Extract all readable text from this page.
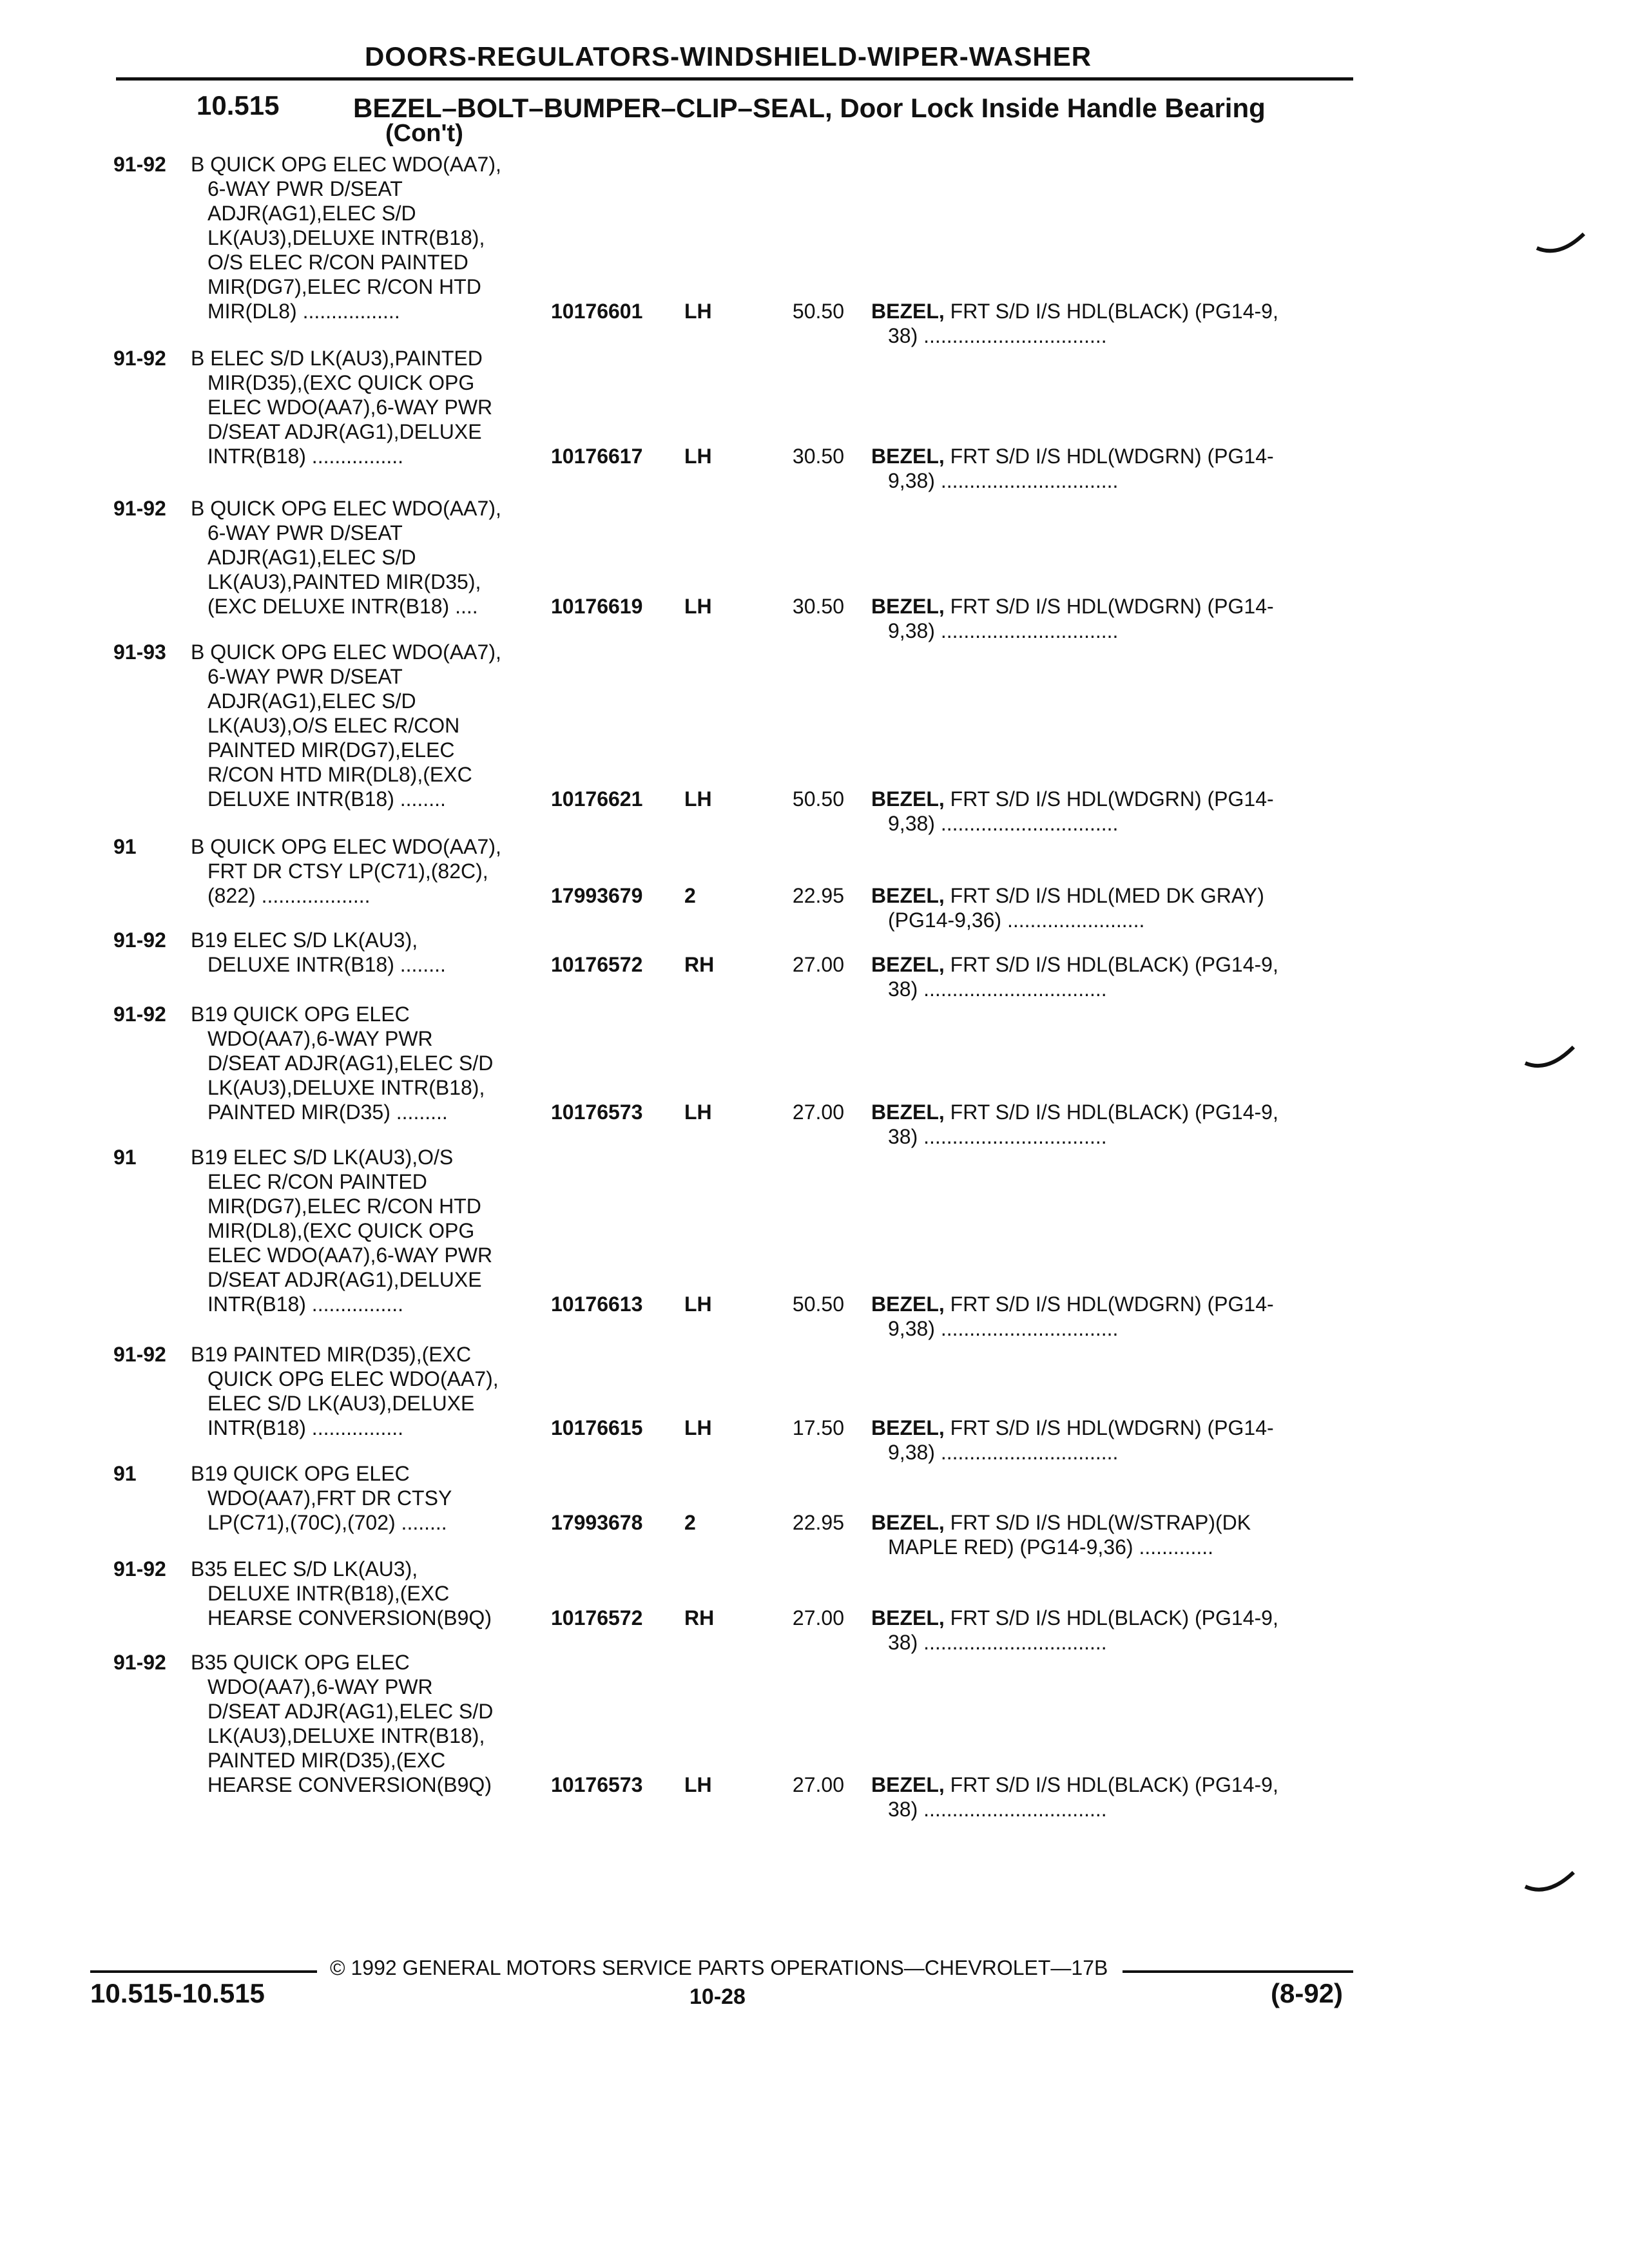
DOORS-REGULATORS-WINDSHIELD-WIPER-WASHER
10.515	BEZEL–BOLT–BUMPER–CLIP–SEAL, Door Lock Inside Handle Bearing
(Con't)
91-92 B QUICK OPG ELEC WDO(AA7),
6-WAY PWR D/SEAT
ADJR(AG1),ELEC S/D
LK(AU3),DELUXE INTR(B18),
O/S ELEC R/CON PAINTED
MIR(DG7),ELEC R/CON HTD
MIR(DL8) .................	10176601 LH	50.50 BEZEL, FRT S/D I/S HDL(BLACK) (PG14-9,
38) ................................
91-92 B ELEC S/D LK(AU3),PAINTED
MIR(D35),(EXC QUICK OPG
ELEC WDO(AA7),6-WAY PWR
D/SEAT ADJR(AG1),DELUXE
INTR(B18) ................	10176617 LH	30.50 BEZEL, FRT S/D I/S HDL(WDGRN) (PG14-
9,38) ...............................
91-92 B QUICK OPG ELEC WDO(AA7),
6-WAY PWR D/SEAT
ADJR(AG1),ELEC S/D
LK(AU3),PAINTED MIR(D35),
(EXC DELUXE INTR(B18) ....	10176619 LH	30.50 BEZEL, FRT S/D I/S HDL(WDGRN) (PG14-
9,38) ...............................
91-93 B QUICK OPG ELEC WDO(AA7),
6-WAY PWR D/SEAT
ADJR(AG1),ELEC S/D
LK(AU3),O/S ELEC R/CON
PAINTED MIR(DG7),ELEC
R/CON HTD MIR(DL8),(EXC
DELUXE INTR(B18) ........	10176621 LH	50.50 BEZEL, FRT S/D I/S HDL(WDGRN) (PG14-
9,38) ...............................
91	B QUICK OPG ELEC WDO(AA7),
FRT DR CTSY LP(C71),(82C),
(822) ...................	17993679 2	22.95 BEZEL, FRT S/D I/S HDL(MED DK GRAY)
(PG14-9,36) ........................
91-92 B19 ELEC S/D LK(AU3),
DELUXE INTR(B18) ........	10176572 RH	27.00 BEZEL, FRT S/D I/S HDL(BLACK) (PG14-9,
38) ................................
91-92 B19 QUICK OPG ELEC
WDO(AA7),6-WAY PWR
D/SEAT ADJR(AG1),ELEC S/D
LK(AU3),DELUXE INTR(B18),
PAINTED MIR(D35) .........	10176573 LH	27.00 BEZEL, FRT S/D I/S HDL(BLACK) (PG14-9,
38) ................................
91	B19 ELEC S/D LK(AU3),O/S
ELEC R/CON PAINTED
MIR(DG7),ELEC R/CON HTD
MIR(DL8),(EXC QUICK OPG
ELEC WDO(AA7),6-WAY PWR
D/SEAT ADJR(AG1),DELUXE
INTR(B18) ................	10176613 LH	50.50 BEZEL, FRT S/D I/S HDL(WDGRN) (PG14-
9,38) ...............................
91-92 B19 PAINTED MIR(D35),(EXC
QUICK OPG ELEC WDO(AA7),
ELEC S/D LK(AU3),DELUXE
INTR(B18) ................	10176615 LH	17.50 BEZEL, FRT S/D I/S HDL(WDGRN) (PG14-
9,38) ...............................
91	B19 QUICK OPG ELEC
WDO(AA7),FRT DR CTSY
LP(C71),(70C),(702) ........	17993678 2	22.95 BEZEL, FRT S/D I/S HDL(W/STRAP)(DK
MAPLE RED) (PG14-9,36) .............
91-92 B35 ELEC S/D LK(AU3),
DELUXE INTR(B18),(EXC
HEARSE CONVERSION(B9Q)	10176572 RH	27.00 BEZEL, FRT S/D I/S HDL(BLACK) (PG14-9,
38) ................................
91-92 B35 QUICK OPG ELEC
WDO(AA7),6-WAY PWR
D/SEAT ADJR(AG1),ELEC S/D
LK(AU3),DELUXE INTR(B18),
PAINTED MIR(D35),(EXC
HEARSE CONVERSION(B9Q)	10176573 LH	27.00 BEZEL, FRT S/D I/S HDL(BLACK) (PG14-9,
38) ................................
© 1992 GENERAL MOTORS SERVICE PARTS OPERATIONS—CHEVROLET—17B
10.515-10.515	10-28	(8-92)
